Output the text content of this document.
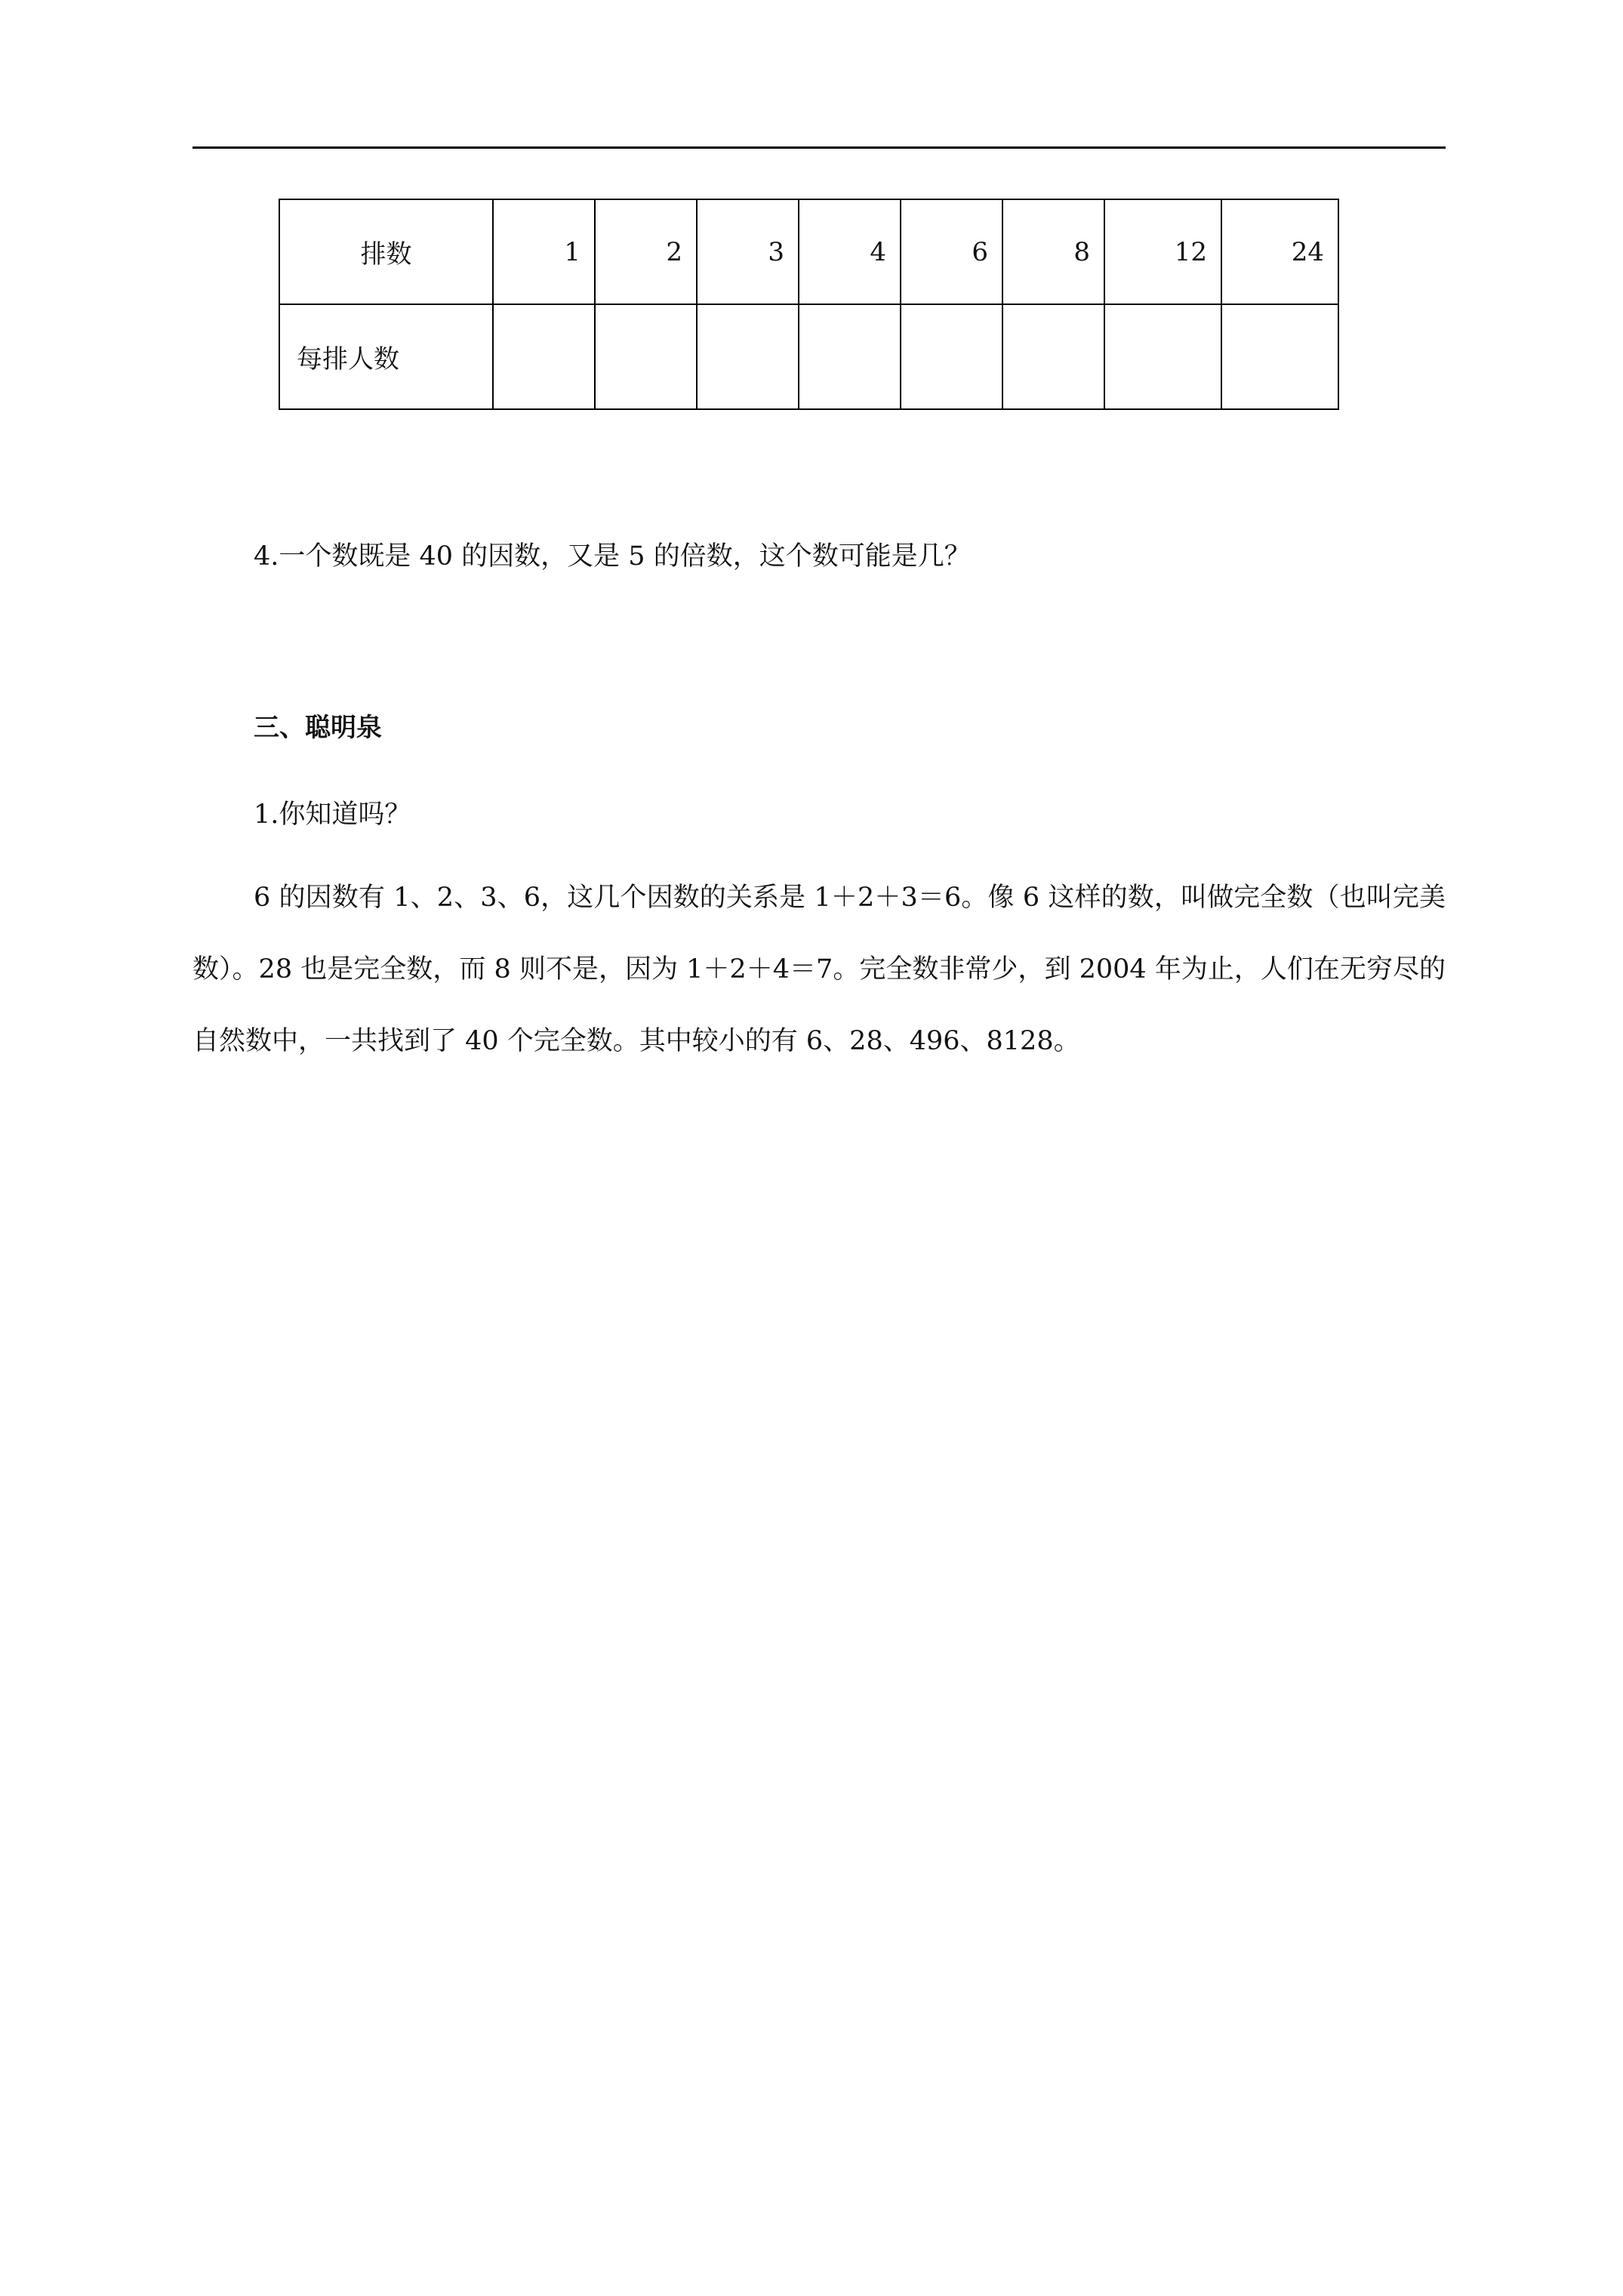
排数	1	2	3	4	6	8	12	24
每排人数								
4.一个数既是 40 的因数，又是 5 的倍数，这个数可能是几？
三、聪明泉
1.你知道吗？

6 的因数有 1、2、3、6，这几个因数的关系是 1＋2＋3＝6。像 6 这样的数，叫做完全数（也叫完美数）。28 也是完全数，而 8 则不是，因为 1＋2＋4＝7。完全数非常少，到 2004 年为止，人们在无穷尽的自然数中，一共找到了 40 个完全数。其中较小的有 6、28、496、8128。
